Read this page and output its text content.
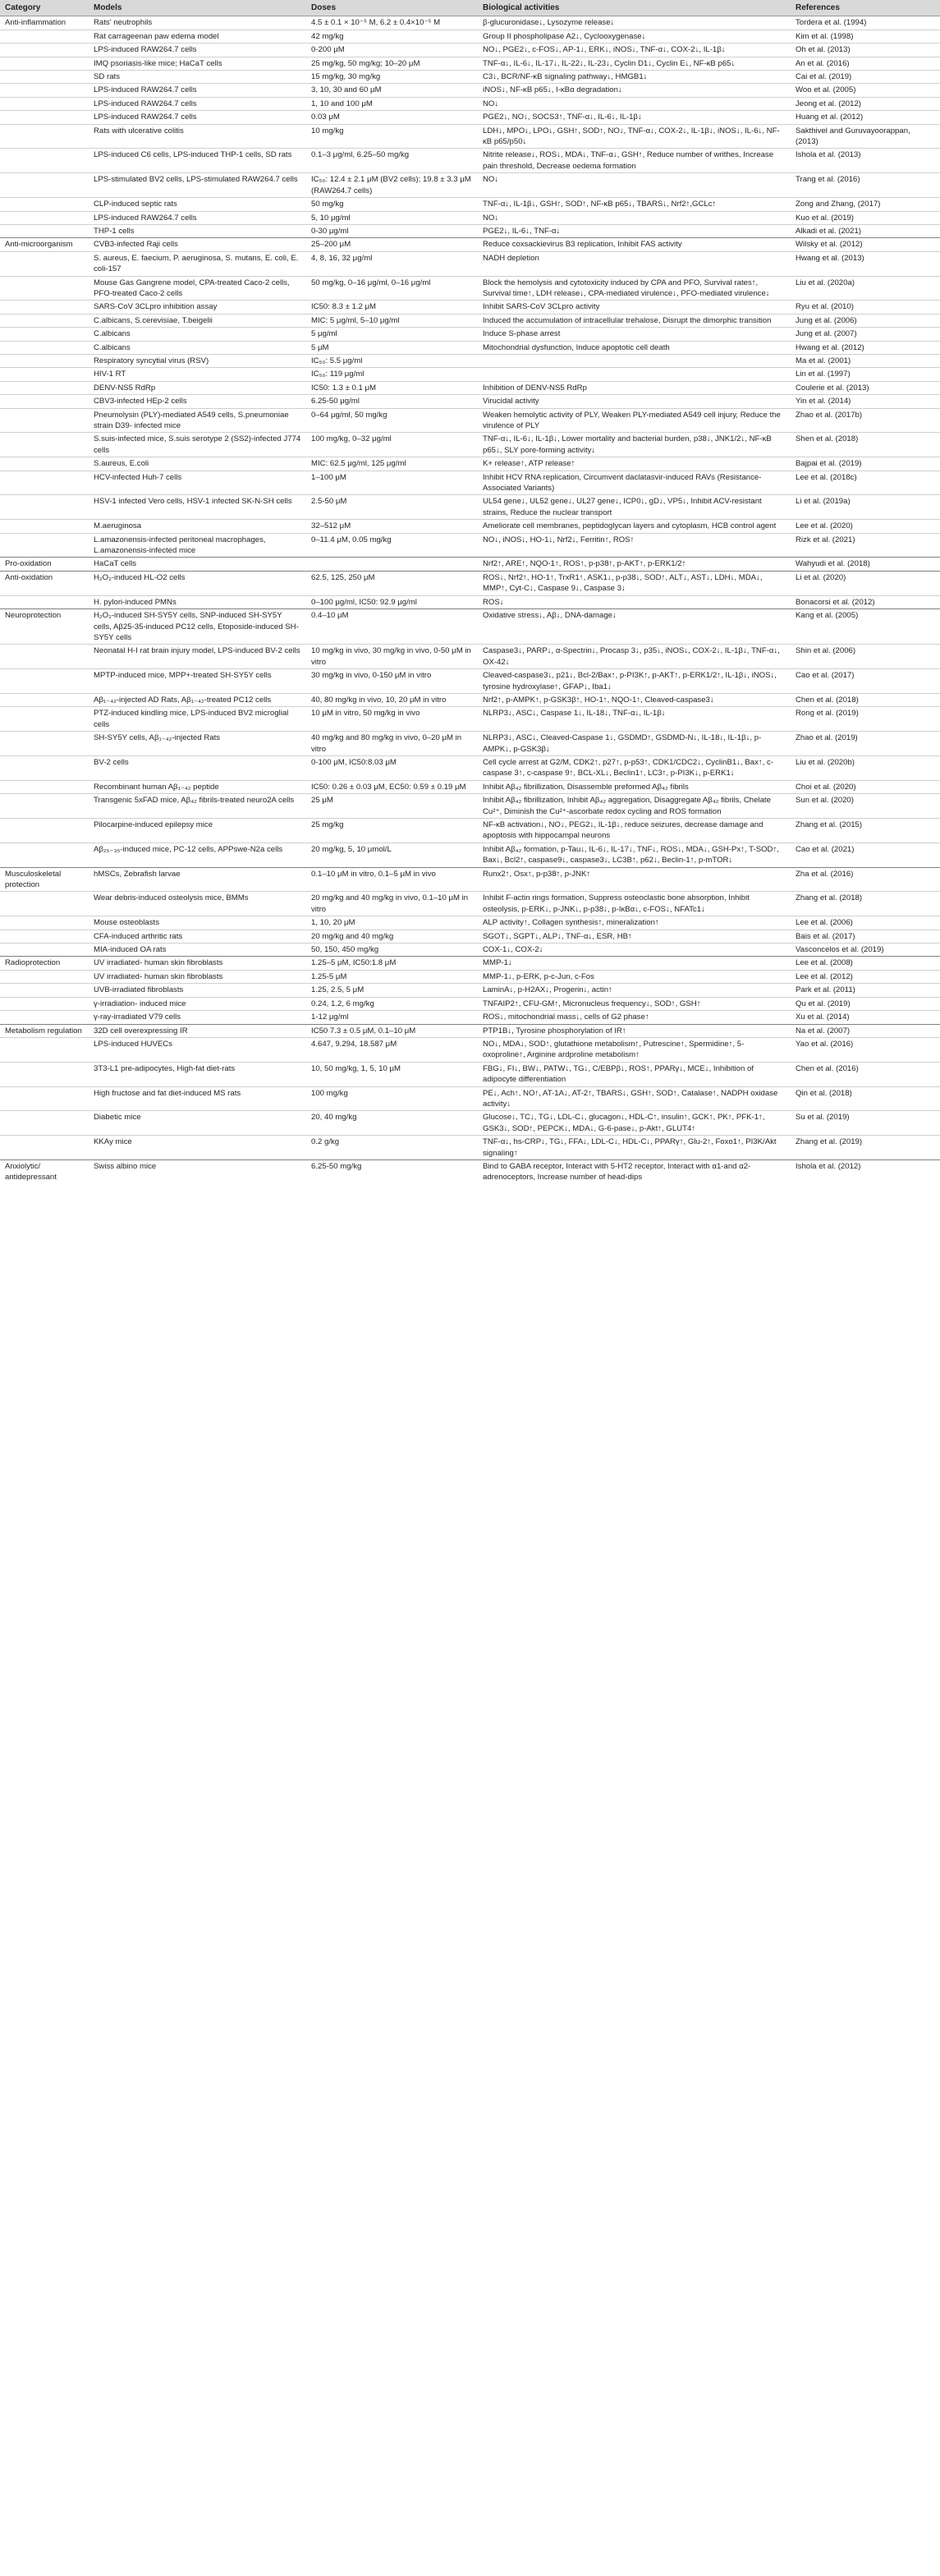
Category	Models	Doses	Biological activities	References
Anti-inflammation	Rats' neutrophils	4.5 ± 0.1 × 10⁻⁵ M, 6.2 ± 0.4×10⁻⁵ M	β-glucuronidase↓, Lysozyme release↓	Tordera et al. (1994)
	Rat carrageenan paw edema model	42 mg/kg	Group II phospholipase A2↓, Cyclooxygenase↓	Kim et al. (1998)
	LPS-induced RAW264.7 cells	0-200 μM	NO↓, PGE2↓, c-FOS↓, AP-1↓, ERK↓, iNOS↓, TNF-α↓, COX-2↓, IL-1β↓	Oh et al. (2013)
	IMQ psoriasis-like mice; HaCaT cells	25 mg/kg, 50 mg/kg; 10–20 μM	TNF-α↓, IL-6↓, IL-17↓, IL-22↓, IL-23↓, Cyclin D1↓, Cyclin E↓, NF-κB p65↓	An et al. (2016)
	SD rats	15 mg/kg, 30 mg/kg	C3↓, BCR/NF-κB signaling pathway↓, HMGB1↓	Cai et al. (2019)
	LPS-induced RAW264.7 cells	3, 10, 30 and 60 μM	iNOS↓, NF-κB p65↓, I-κBα degradation↓	Woo et al. (2005)
	LPS-induced RAW264.7 cells	1, 10 and 100 μM	NO↓	Jeong et al. (2012)
	LPS-induced RAW264.7 cells	0.03 μM	PGE2↓, NO↓, SOCS3↑, TNF-α↓, IL-6↓, IL-1β↓	Huang et al. (2012)
	Rats with ulcerative colitis	10 mg/kg	LDH↓, MPO↓, LPO↓, GSH↑, SOD↑, NO↓, TNF-α↓, COX-2↓, IL-1β↓, iNOS↓, IL-6↓, NF-κB p65/p50↓	Sakthivel and Guruvayoorappan, (2013)
	LPS-induced C6 cells, LPS-induced THP-1 cells, SD rats	0.1–3 μg/ml, 6.25–50 mg/kg	Nitrite release↓, ROS↓, MDA↓, TNF-α↓, GSH↑, Reduce number of writhes, Increase pain threshold, Decrease oedema formation	Ishola et al. (2013)
	LPS-stimulated BV2 cells, LPS-stimulated RAW264.7 cells	IC₅₀: 12.4 ± 2.1 μM (BV2 cells); 19.8 ± 3.3 μM (RAW264.7 cells)	NO↓	Trang et al. (2016)
	CLP-induced septic rats	50 mg/kg	TNF-α↓, IL-1β↓, GSH↑, SOD↑, NF-κB p65↓, TBARS↓, Nrf2↑,GCLc↑	Zong and Zhang, (2017)
	LPS-induced RAW264.7 cells	5, 10 μg/ml	NO↓	Kuo et al. (2019)
	THP-1 cells	0-30 μg/ml	PGE2↓, IL-6↓, TNF-α↓	Alkadi et al. (2021)
Anti-microorganism	CVB3-infected Raji cells	25–200 μM	Reduce coxsackievirus B3 replication, Inhibit FAS activity	Wilsky et al. (2012)
	S. aureus, E. faecium, P. aeruginosa, S. mutans, E. coli, E. coli-157	4, 8, 16, 32 μg/ml	NADH depletion	Hwang et al. (2013)
	Mouse Gas Gangrene model, CPA-treated Caco-2 cells, PFO-treated Caco-2 cells	50 mg/kg, 0–16 μg/ml, 0–16 μg/ml	Block the hemolysis and cytotoxicity induced by CPA and PFO, Survival rates↑, Survival time↑, LDH release↓, CPA-mediated virulence↓, PFO-mediated virulence↓	Liu et al. (2020a)
	SARS-CoV 3CLpro inhibition assay	IC50: 8.3 ± 1.2 μM	Inhibit SARS-CoV 3CLpro activity	Ryu et al. (2010)
	C.albicans, S.cerevisiae, T.beigelii	MIC: 5 μg/ml, 5–10 μg/ml	Induced the accumulation of intracellular trehalose, Disrupt the dimorphic transition	Jung et al. (2006)
	C.albicans	5 μg/ml	Induce S-phase arrest	Jung et al. (2007)
	C.albicans	5 μM	Mitochondrial dysfunction, Induce apoptotic cell death	Hwang et al. (2012)
	Respiratory syncytial virus (RSV)	IC₅₀: 5.5 μg/ml		Ma et al. (2001)
	HIV-1 RT	IC₅₀: 119 μg/ml		Lin et al. (1997)
	DENV-NS5 RdRp	IC50: 1.3 ± 0.1 μM	Inhibition of DENV-NS5 RdRp	Coulerie et al. (2013)
	CBV3-infected HEp-2 cells	6.25-50 μg/ml	Virucidal activity	Yin et al. (2014)
	Pneumolysin (PLY)-mediated A549 cells, S.pneumoniae strain D39- infected mice	0–64 μg/ml, 50 mg/kg	Weaken hemolytic activity of PLY, Weaken PLY-mediated A549 cell injury, Reduce the virulence of PLY	Zhao et al. (2017b)
	S.suis-infected mice, S.suis serotype 2 (SS2)-infected J774 cells	100 mg/kg, 0–32 μg/ml	TNF-α↓, IL-6↓, IL-1β↓, Lower mortality and bacterial burden, p38↓, JNK1/2↓, NF-κB p65↓, SLY pore-forming activity↓	Shen et al. (2018)
	S.aureus, E.coli	MIC: 62.5 μg/ml, 125 μg/ml	K+ release↑, ATP release↑	Bajpai et al. (2019)
	HCV-infected Huh-7 cells	1–100 μM	Inhibit HCV RNA replication, Circumvent daclatasvir-induced RAVs (Resistance-Associated Variants)	Lee et al. (2018c)
	HSV-1 infected Vero cells, HSV-1 infected SK-N-SH cells	2.5-50 μM	UL54 gene↓, UL52 gene↓, UL27 gene↓, ICP0↓, gD↓, VP5↓, Inhibit ACV-resistant strains, Reduce the nuclear transport	Li et al. (2019a)
	M.aeruginosa	32–512 μM	Ameliorate cell membranes, peptidoglycan layers and cytoplasm, HCB control agent	Lee et al. (2020)
	L.amazonensis-infected peritoneal macrophages, L.amazonensis-infected mice	0–11.4 μM, 0.05 mg/kg	NO↓, iNOS↓, HO-1↓, Nrf2↓, Ferritin↑, ROS↑	Rizk et al. (2021)
Pro-oxidation	HaCaT cells		Nrf2↑, ARE↑, NQO-1↑, ROS↑, p-p38↑, p-AKT↑, p-ERK1/2↑	Wahyudi et al. (2018)
Anti-oxidation	H₂O₂-induced HL-O2 cells	62.5, 125, 250 μM	ROS↓, Nrf2↑, HO-1↑, TrxR1↑, ASK1↓, p-p38↓, SOD↑, ALT↓, AST↓, LDH↓, MDA↓, MMP↑, Cyt-C↓, Caspase 9↓, Caspase 3↓	Li et al. (2020)
	H. pylori-induced PMNs	0–100 μg/ml, IC50: 92.9 μg/ml	ROS↓	Bonacorsi et al. (2012)
Neuroprotection	H₂O₂-induced SH-SY5Y cells, SNP-induced SH-SY5Y cells, Aβ25-35-induced PC12 cells, Etoposide-induced SH-SY5Y cells	0.4–10 μM	Oxidative stress↓, Aβ↓, DNA-damage↓	Kang et al. (2005)
	Neonatal H-I rat brain injury model, LPS-induced BV-2 cells	10 mg/kg in vivo, 30 mg/kg in vivo, 0-50 μM in vitro	Caspase3↓, PARP↓, α-Spectrin↓, Procasp 3↓, p35↓, iNOS↓, COX-2↓, IL-1β↓, TNF-α↓, OX-42↓	Shin et al. (2006)
	MPTP-induced mice, MPP+-treated SH-SY5Y cells	30 mg/kg in vivo, 0-150 μM in vitro	Cleaved-caspase3↓, p21↓, Bcl-2/Bax↑, p-PI3K↑, p-AKT↑, p-ERK1/2↑, IL-1β↓, iNOS↓, tyrosine hydroxylase↑, GFAP↓, Iba1↓	Cao et al. (2017)
	Aβ₁₋₄₂-injected AD Rats, Aβ₁₋₄₂-treated PC12 cells	40, 80 mg/kg in vivo, 10, 20 μM in vitro	Nrf2↑, p-AMPK↑, p-GSK3β↑, HO-1↑, NQO-1↑, Cleaved-caspase3↓	Chen et al. (2018)
	PTZ-induced kindling mice, LPS-induced BV2 microglial cells	10 μM in vitro, 50 mg/kg in vivo	NLRP3↓, ASC↓, Caspase 1↓, IL-18↓, TNF-α↓, IL-1β↓	Rong et al. (2019)
	SH-SY5Y cells, Aβ₁₋₄₂-injected Rats	40 mg/kg and 80 mg/kg in vivo, 0–20 μM in vitro	NLRP3↓, ASC↓, Cleaved-Caspase 1↓, GSDMD↑, GSDMD-N↓, IL-18↓, IL-1β↓, p-AMPK↓, p-GSK3β↓	Zhao et al. (2019)
	BV-2 cells	0-100 μM, IC50:8.03 μM	Cell cycle arrest at G2/M, CDK2↑, p27↑, p-p53↑, CDK1/CDC2↓, CyclinB1↓, Bax↑, c-caspase 3↑, c-caspase 9↑, BCL-XL↓, Beclin1↑, LC3↑, p-PI3K↓, p-ERK1↓	Liu et al. (2020b)
	Recombinant human Aβ₁₋₄₂ peptide	IC50: 0.26 ± 0.03 μM, EC50: 0.59 ± 0.19 μM	Inhibit Aβ₄₂ fibrillization, Disassemble preformed Aβ₄₂ fibrils	Choi et al. (2020)
	Transgenic 5xFAD mice, Aβ₄₂ fibrils-treated neuro2A cells	25 μM	Inhibit Aβ₄₂ fibrillization, Inhibit Aβ₄₂ aggregation, Disaggregate Aβ₄₂ fibrils, Chelate Cu²⁺, Diminish the Cu²⁺-ascorbate redox cycling and ROS formation	Sun et al. (2020)
	Pilocarpine-induced epilepsy mice	25 mg/kg	NF-κB activation↓, NO↓, PEG2↓, IL-1β↓, reduce seizures, decrease damage and apoptosis with hippocampal neurons	Zhang et al. (2015)
	Aβ₂₅₋₃₅-induced mice, PC-12 cells, APPswe-N2a cells	20 mg/kg, 5, 10 μmol/L	Inhibit Aβ₄₂ formation, p-Tau↓, IL-6↓, IL-17↓, TNF↓, ROS↓, MDA↓, GSH-Px↑, T-SOD↑, Bax↓, Bcl2↑, caspase9↓, caspase3↓, LC3B↑, p62↓, Beclin-1↑, p-mTOR↓	Cao et al. (2021)
Musculoskeletal protection	hMSCs, Zebrafish larvae	0.1–10 μM in vitro, 0.1–5 μM in vivo	Runx2↑, Osx↑, p-p38↑, p-JNK↑	Zha et al. (2016)
	Wear debris-induced osteolysis mice, BMMs	20 mg/kg and 40 mg/kg in vivo, 0.1–10 μM in vitro	Inhibit F-actin rings formation, Suppress osteoclastic bone absorption, Inhibit osteolysis, p-ERK↓, p-JNK↓, p-p38↓, p-IκBα↓, c-FOS↓, NFATc1↓	Zhang et al. (2018)
	Mouse osteoblasts	1, 10, 20 μM	ALP activity↑, Collagen synthesis↑, mineralization↑	Lee et al. (2006)
	CFA-induced arthritic rats	20 mg/kg and 40 mg/kg	SGOT↓, SGPT↓, ALP↓, TNF-α↓, ESR, HB↑	Bais et al. (2017)
	MIA-induced OA rats	50, 150, 450 mg/kg	COX-1↓, COX-2↓	Vasconcelos et al. (2019)
Radioprotection	UV irradiated- human skin fibroblasts	1.25–5 μM, IC50:1.8 μM	MMP-1↓	Lee et al. (2008)
	UV irradiated- human skin fibroblasts	1.25-5 μM	MMP-1↓, p-ERK, p-c-Jun, c-Fos	Lee et al. (2012)
	UVB-irradiated fibroblasts	1.25, 2.5, 5 μM	LaminA↓, p-H2AX↓, Progerin↓, actin↑	Park et al. (2011)
	γ-irradiation- induced mice	0.24, 1.2, 6 mg/kg	TNFAIP2↑, CFU-GM↑, Micronucleus frequency↓, SOD↑, GSH↑	Qu et al. (2019)
	γ-ray-irradiated V79 cells	1-12 μg/ml	ROS↓, mitochondrial mass↓, cells of G2 phase↑	Xu et al. (2014)
Metabolism regulation	32D cell overexpressing IR	IC50 7.3 ± 0.5 μM, 0.1–10 μM	PTP1B↓, Tyrosine phosphorylation of IR↑	Na et al. (2007)
	LPS-induced HUVECs	4.647, 9.294, 18.587 μM	NO↓, MDA↓, SOD↑, glutathione metabolism↑, Putrescine↑, Spermidine↑, 5-oxoproline↑, Arginine ardproline metabolism↑	Yao et al. (2016)
	3T3-L1 pre-adipocytes, High-fat diet-rats	10, 50 mg/kg, 1, 5, 10 μM	FBG↓, FI↓, BW↓, PATW↓, TG↓, C/EBPβ↓, ROS↑, PPARγ↓, MCE↓, Inhibition of adipocyte differentiation	Chen et al. (2016)
	High fructose and fat diet-induced MS rats	100 mg/kg	PE↓, Ach↑, NO↑, AT-1A↓, AT-2↑, TBARS↓, GSH↑, SOD↑, Catalase↑, NADPH oxidase activity↓	Qin et al. (2018)
	Diabetic mice	20, 40 mg/kg	Glucose↓, TC↓, TG↓, LDL-C↓, glucagon↓, HDL-C↑, insulin↑, GCK↑, PK↑, PFK-1↑, GSK3↓, SOD↑, PEPCK↓, MDA↓, G-6-pase↓, p-Akt↑, GLUT4↑	Su et al. (2019)
	KKAy mice	0.2 g/kg	TNF-α↓, hs-CRP↓, TG↓, FFA↓, LDL-C↓, HDL-C↓, PPARγ↑, Glu-2↑, Foxo1↑, PI3K/Akt signaling↑	Zhang et al. (2019)
Anxiolytic/ antidepressant	Swiss albino mice	6.25-50 mg/kg	Bind to GABA receptor, Interact with 5-HT2 receptor, Interact with α1-and α2-adrenoceptors, Increase number of head-dips	Ishola et al. (2012)
